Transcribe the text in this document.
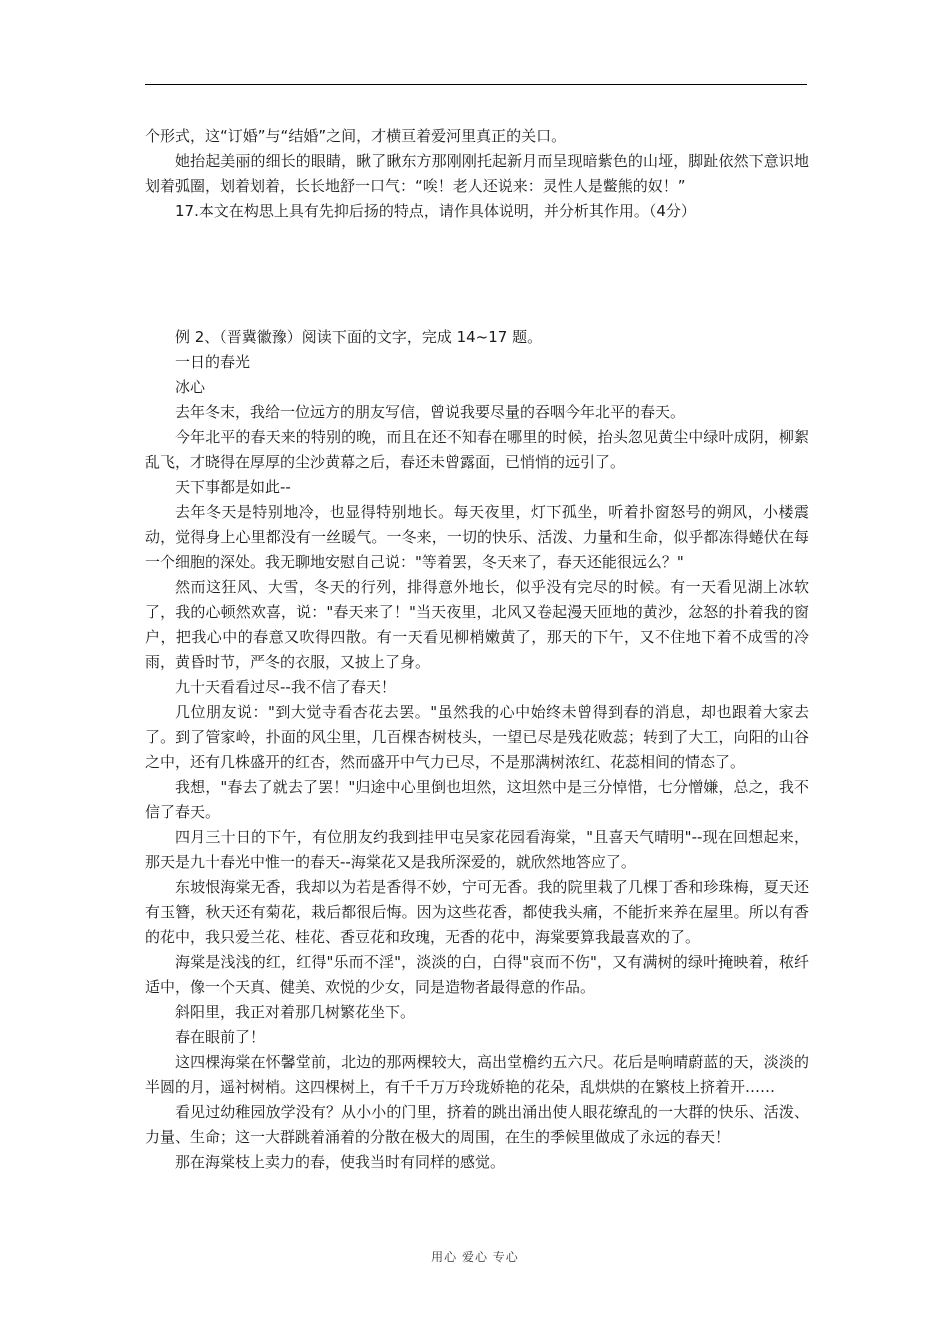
个形式，这“订婚”与“结婚”之间，才横亘着爱河里真正的关口。

她抬起美丽的细长的眼睛，瞅了瞅东方那刚刚托起新月而呈现暗紫色的山垭，脚趾依然下意识地划着弧圈，划着划着，长长地舒一口气：“唉！老人还说来：灵性人是鳖熊的奴！”

17.本文在构思上具有先抑后扬的特点，请作具体说明，并分析其作用。（4分）

例 2、（晋冀徽豫）阅读下面的文字，完成 14~17 题。

一日的春光

冰心

去年冬末，我给一位远方的朋友写信，曾说我要尽量的吞咽今年北平的春天。

今年北平的春天来的特别的晚，而且在还不知春在哪里的时候，抬头忽见黄尘中绿叶成阴，柳絮乱飞，才晓得在厚厚的尘沙黄幕之后，春还未曾露面，已悄悄的远引了。

天下事都是如此--

去年冬天是特别地冷，也显得特别地长。每天夜里，灯下孤坐，听着扑窗怒号的朔风，小楼震动，觉得身上心里都没有一丝暖气。一冬来，一切的快乐、活泼、力量和生命，似乎都冻得蜷伏在每一个细胞的深处。我无聊地安慰自己说："等着罢，冬天来了，春天还能很远么？"

然而这狂风、大雪，冬天的行列，排得意外地长，似乎没有完尽的时候。有一天看见湖上冰软了，我的心顿然欢喜，说："春天来了！"当天夜里，北风又卷起漫天匝地的黄沙，忿怒的扑着我的窗户，把我心中的春意又吹得四散。有一天看见柳梢嫩黄了，那天的下午，又不住地下着不成雪的冷雨，黄昏时节，严冬的衣服，又披上了身。

九十天看看过尽--我不信了春天！

几位朋友说："到大觉寺看杏花去罢。"虽然我的心中始终未曾得到春的消息，却也跟着大家去了。到了管家岭，扑面的风尘里，几百棵杏树枝头，一望已尽是残花败蕊；转到了大工，向阳的山谷之中，还有几株盛开的红杏，然而盛开中气力已尽，不是那满树浓红、花蕊相间的情态了。

我想，"春去了就去了罢！"归途中心里倒也坦然，这坦然中是三分悼惜，七分憎嫌，总之，我不信了春天。

四月三十日的下午，有位朋友约我到挂甲屯吴家花园看海棠，"且喜天气晴明"--现在回想起来，那天是九十春光中惟一的春天--海棠花又是我所深爱的，就欣然地答应了。

东坡恨海棠无香，我却以为若是香得不妙，宁可无香。我的院里栽了几棵丁香和珍珠梅，夏天还有玉簪，秋天还有菊花，栽后都很后悔。因为这些花香，都使我头痛，不能折来养在屋里。所以有香的花中，我只爱兰花、桂花、香豆花和玫瑰，无香的花中，海棠要算我最喜欢的了。

海棠是浅浅的红，红得"乐而不淫"，淡淡的白，白得"哀而不伤"，又有满树的绿叶掩映着，秾纤适中，像一个天真、健美、欢悦的少女，同是造物者最得意的作品。

斜阳里，我正对着那几树繁花坐下。

春在眼前了！

这四棵海棠在怀馨堂前，北边的那两棵较大，高出堂檐约五六尺。花后是响晴蔚蓝的天，淡淡的半圆的月，遥衬树梢。这四棵树上，有千千万万玲珑娇艳的花朵，乱烘烘的在繁枝上挤着开……

看见过幼稚园放学没有？从小小的门里，挤着的跳出涌出使人眼花缭乱的一大群的快乐、活泼、力量、生命；这一大群跳着涌着的分散在极大的周围，在生的季候里做成了永远的春天！

那在海棠枝上卖力的春，使我当时有同样的感觉。

用心 爱心 专心
